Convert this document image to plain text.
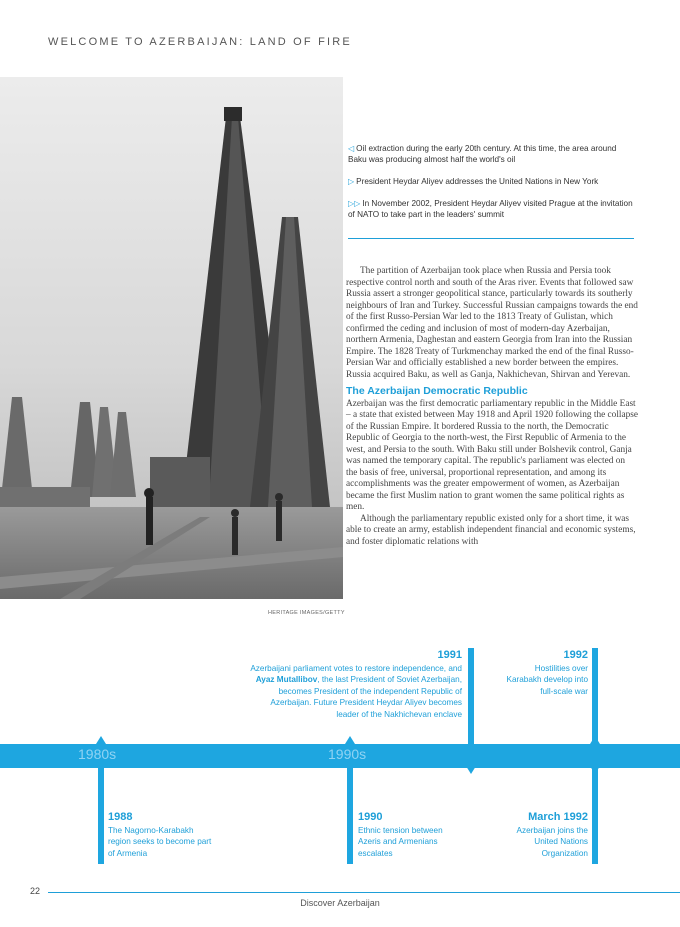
WELCOME TO AZERBAIJAN: LAND OF FIRE
HERITAGE IMAGES/GETTY
◁ Oil extraction during the early 20th century. At this time, the area around Baku was producing almost half the world's oil
▷ President Heydar Aliyev addresses the United Nations in New York
▷▷ In November 2002, President Heydar Aliyev visited Prague at the invitation of NATO to take part in the leaders' summit

The partition of Azerbaijan took place when Russia and Persia took respective control north and south of the Aras river. Events that followed saw Russia assert a stronger geopolitical stance, particularly towards its southerly neighbours of Iran and Turkey. Successful Russian campaigns towards the end of the first Russo-Persian War led to the 1813 Treaty of Gulistan, which confirmed the ceding and inclusion of most of modern-day Azerbaijan, northern Armenia, Daghestan and eastern Georgia from Iran into the Russian Empire. The 1828 Treaty of Turkmenchay marked the end of the final Russo-Persian War and officially established a new border between the empires. Russia acquired Baku, as well as Ganja, Nakhichevan, Shirvan and Yerevan.

The Azerbaijan Democratic Republic

Azerbaijan was the first democratic parliamentary republic in the Middle East – a state that existed between May 1918 and April 1920 following the collapse of the Russian Empire. It bordered Russia to the north, the Democratic Republic of Georgia to the north-west, the First Republic of Armenia to the west, and Persia to the south. With Baku still under Bolshevik control, Ganja was named the temporary capital. The republic's parliament was elected on the basis of free, universal, proportional representation, and among its accomplishments was the greater empowerment of women, as Azerbaijan became the first Muslim nation to grant women the same political rights as men.

Although the parliamentary republic existed only for a short time, it was able to create an army, establish independent financial and economic systems, and foster diplomatic relations with

1980s	1990s
1991
Azerbaijani parliament votes to restore independence, and Ayaz Mutallibov, the last President of Soviet Azerbaijan, becomes President of the independent Republic of Azerbaijan. Future President Heydar Aliyev becomes leader of the Nakhichevan enclave
1992
Hostilities over Karabakh develop into full-scale war
1988
The Nagorno-Karabakh region seeks to become part of Armenia
1990
Ethnic tension between Azeris and Armenians escalates
March 1992
Azerbaijan joins the United Nations Organization
22
Discover Azerbaijan
